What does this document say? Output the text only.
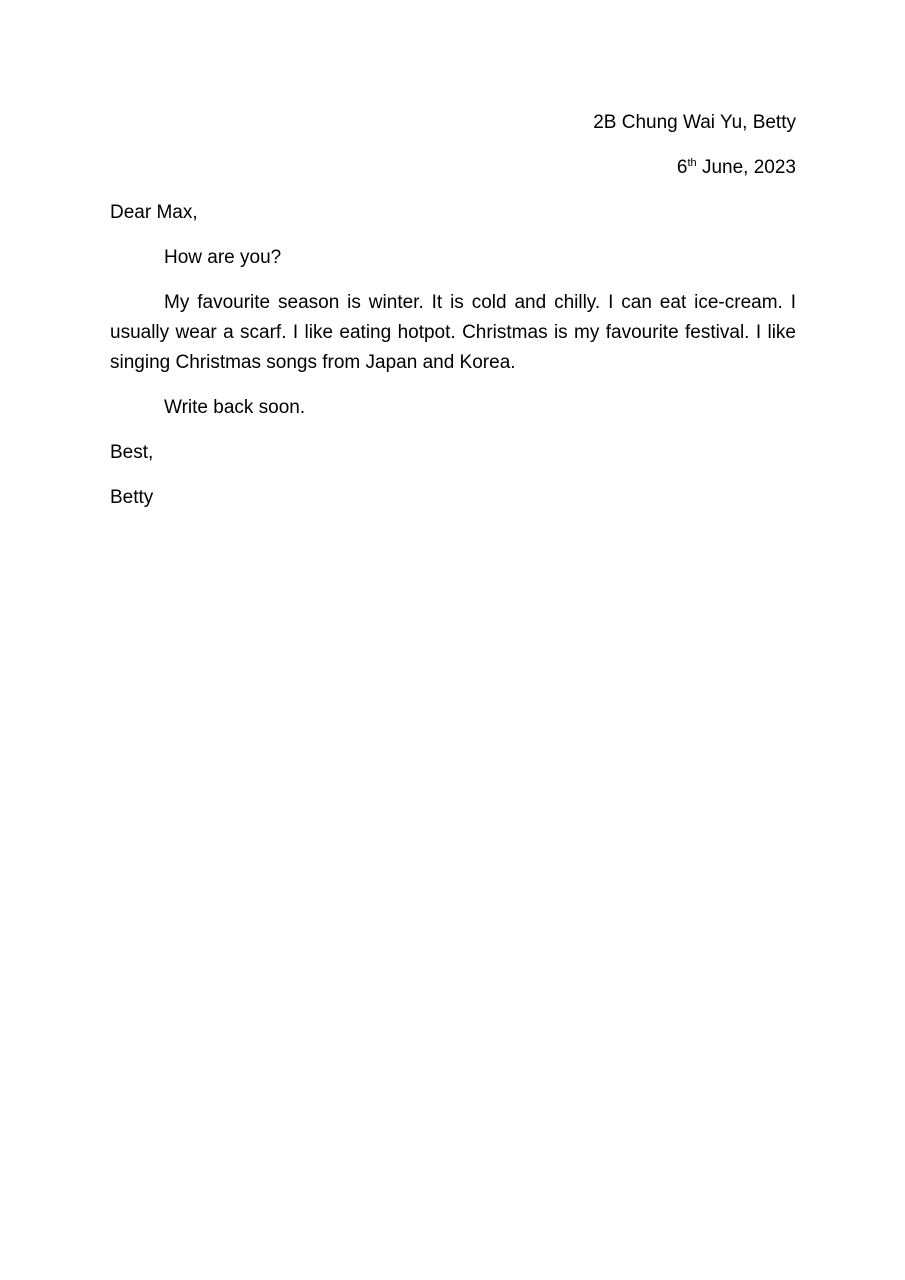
2B Chung Wai Yu, Betty
6th June, 2023
Dear Max,
How are you?
My favourite season is winter. It is cold and chilly. I can eat ice-cream. I usually wear a scarf. I like eating hotpot. Christmas is my favourite festival. I like singing Christmas songs from Japan and Korea.
Write back soon.
Best,
Betty
